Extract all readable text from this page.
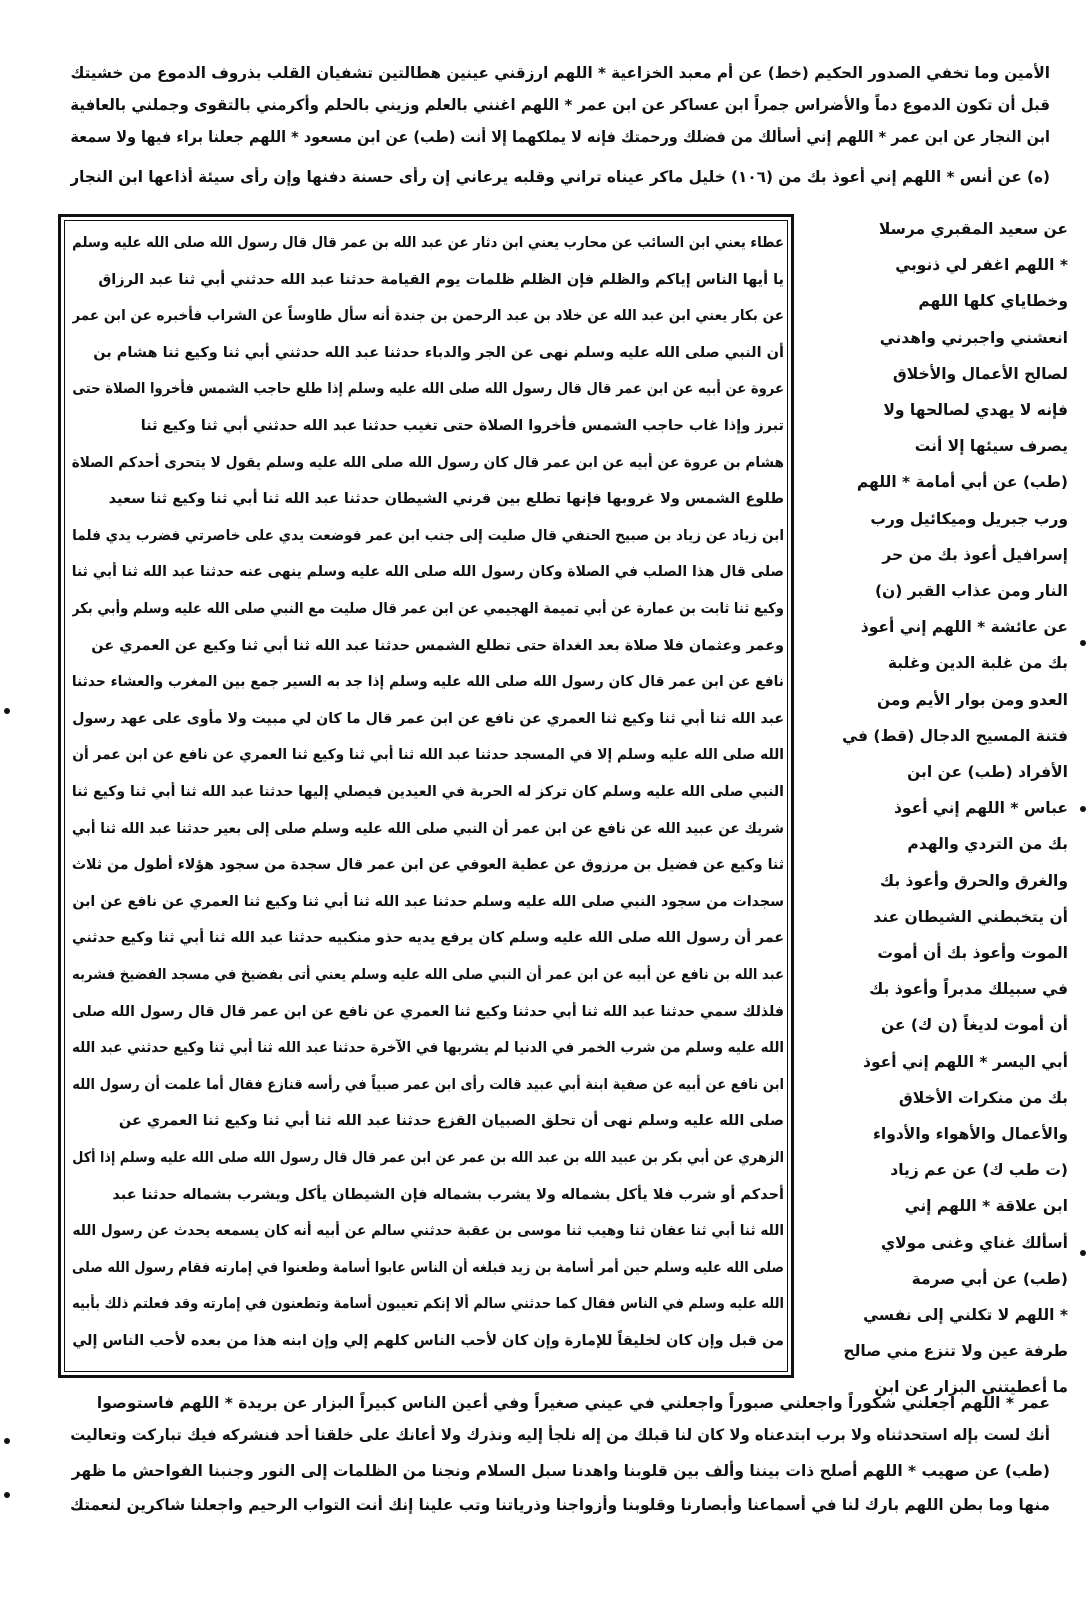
الأمين وما تخفي الصدور الحكيم (خط) عن أم معبد الخزاعية * اللهم ارزقني عينين هطالتين تشفيان القلب بذروف الدموع من خشيتك
قبل أن تكون الدموع دماً والأضراس جمراً ابن عساكر عن ابن عمر * اللهم اغنني بالعلم وزيني بالحلم وأكرمني بالتقوى وجملني بالعافية
ابن النجار عن ابن عمر * اللهم إني أسألك من فضلك ورحمتك فإنه لا يملكهما إلا أنت (طب) عن ابن مسعود * اللهم جعلنا براء فيها ولا سمعة
(ه) عن أنس * اللهم إني أعوذ بك من (١٠٦) خليل ماكر عيناه تراني وقلبه يرعاني إن رأى حسنة دفنها وإن رأى سيئة أذاعها ابن النجار
عن سعيد المقبري مرسلا
* اللهم اغفر لي ذنوبي
وخطاياي كلها اللهم
انعشني واجبرني واهدني
لصالح الأعمال والأخلاق
فإنه لا يهدي لصالحها ولا
يصرف سيئها إلا أنت
(طب) عن أبي أمامة * اللهم
ورب جبريل وميكائيل ورب
إسرافيل أعوذ بك من حر
النار ومن عذاب القبر (ن)
عن عائشة * اللهم إني أعوذ
بك من غلبة الدين وغلبة
العدو ومن بوار الأيم ومن
فتنة المسيح الدجال (قط) في
الأفراد (طب) عن ابن
عباس * اللهم إني أعوذ
بك من التردي والهدم
والغرق والحرق وأعوذ بك
أن يتخبطني الشيطان عند
الموت وأعوذ بك أن أموت
في سبيلك مدبراً وأعوذ بك
أن أموت لديغاً (ن ك) عن
أبي اليسر * اللهم إني أعوذ
بك من منكرات الأخلاق
والأعمال والأهواء والأدواء
(ت طب ك) عن عم زياد
ابن علاقة * اللهم إني
أسألك غناي وغنى مولاي
(طب) عن أبي صرمة
* اللهم لا تكلني إلى نفسي
طرفة عين ولا تنزع مني صالح
ما أعطيتني البزار عن ابن
عطاء يعني ابن السائب عن محارب يعني ابن دثار عن عبد الله بن عمر قال قال رسول الله صلى الله عليه وسلم
يا أيها الناس إياكم والظلم فإن الظلم ظلمات يوم القيامة حدثنا عبد الله حدثني أبي ثنا عبد الرزاق
عن بكار يعني ابن عبد الله عن خلاد بن عبد الرحمن بن جندة أنه سأل طاوساً عن الشراب فأخبره عن ابن عمر
أن النبي صلى الله عليه وسلم نهى عن الجر والدباء حدثنا عبد الله حدثني أبي ثنا وكيع ثنا هشام بن
عروة عن أبيه عن ابن عمر قال قال رسول الله صلى الله عليه وسلم إذا طلع حاجب الشمس فأخروا الصلاة حتى
تبرز وإذا غاب حاجب الشمس فأخروا الصلاة حتى تغيب حدثنا عبد الله حدثني أبي ثنا وكيع ثنا
هشام بن عروة عن أبيه عن ابن عمر قال كان رسول الله صلى الله عليه وسلم يقول لا يتحرى أحدكم الصلاة
طلوع الشمس ولا غروبها فإنها تطلع بين قرني الشيطان حدثنا عبد الله ثنا أبي ثنا وكيع ثنا سعيد
ابن زياد عن زياد بن صبيح الحنفي قال صليت إلى جنب ابن عمر فوضعت يدي على خاصرتي فضرب يدي فلما
صلى قال هذا الصلب في الصلاة وكان رسول الله صلى الله عليه وسلم ينهى عنه حدثنا عبد الله ثنا أبي ثنا
وكيع ثنا ثابت بن عمارة عن أبي تميمة الهجيمي عن ابن عمر قال صليت مع النبي صلى الله عليه وسلم وأبي بكر
وعمر وعثمان فلا صلاة بعد الغداة حتى تطلع الشمس حدثنا عبد الله ثنا أبي ثنا وكيع عن العمري عن
نافع عن ابن عمر قال كان رسول الله صلى الله عليه وسلم إذا جد به السير جمع بين المغرب والعشاء حدثنا
عبد الله ثنا أبي ثنا وكيع ثنا العمري عن نافع عن ابن عمر قال ما كان لي مبيت ولا مأوى على عهد رسول
الله صلى الله عليه وسلم إلا في المسجد حدثنا عبد الله ثنا أبي ثنا وكيع ثنا العمري عن نافع عن ابن عمر أن
النبي صلى الله عليه وسلم كان تركز له الحربة في العيدين فيصلي إليها حدثنا عبد الله ثنا أبي ثنا وكيع ثنا
شريك عن عبيد الله عن نافع عن ابن عمر أن النبي صلى الله عليه وسلم صلى إلى بعير حدثنا عبد الله ثنا أبي
ثنا وكيع عن فضيل بن مرزوق عن عطية العوفي عن ابن عمر قال سجدة من سجود هؤلاء أطول من ثلاث
سجدات من سجود النبي صلى الله عليه وسلم حدثنا عبد الله ثنا أبي ثنا وكيع ثنا العمري عن نافع عن ابن
عمر أن رسول الله صلى الله عليه وسلم كان يرفع يديه حذو منكبيه حدثنا عبد الله ثنا أبي ثنا وكيع حدثني
عبد الله بن نافع عن أبيه عن ابن عمر أن النبي صلى الله عليه وسلم يعني أتى بفضيخ في مسجد الفضيخ فشربه
فلذلك سمي حدثنا عبد الله ثنا أبي حدثنا وكيع ثنا العمري عن نافع عن ابن عمر قال قال رسول الله صلى
الله عليه وسلم من شرب الخمر في الدنيا لم يشربها في الآخرة حدثنا عبد الله ثنا أبي ثنا وكيع حدثني عبد الله
ابن نافع عن أبيه عن صفية ابنة أبي عبيد قالت رأى ابن عمر صبياً في رأسه قنازع فقال أما علمت أن رسول الله
صلى الله عليه وسلم نهى أن تحلق الصبيان القزع حدثنا عبد الله ثنا أبي ثنا وكيع ثنا العمري عن
الزهري عن أبي بكر بن عبيد الله بن عبد الله بن عمر عن ابن عمر قال قال رسول الله صلى الله عليه وسلم إذا أكل
أحدكم أو شرب فلا يأكل بشماله ولا يشرب بشماله فإن الشيطان يأكل ويشرب بشماله حدثنا عبد
الله ثنا أبي ثنا عفان ثنا وهيب ثنا موسى بن عقبة حدثني سالم عن أبيه أنه كان يسمعه يحدث عن رسول الله
صلى الله عليه وسلم حين أمر أسامة بن زيد فبلغه أن الناس عابوا أسامة وطعنوا في إمارته فقام رسول الله صلى
الله عليه وسلم في الناس فقال كما حدثني سالم ألا إنكم تعيبون أسامة وتطعنون في إمارته وقد فعلتم ذلك بأبيه
من قبل وإن كان لخليقاً للإمارة وإن كان لأحب الناس كلهم إلي وإن ابنه هذا من بعده لأحب الناس إلي
عمر * اللهم اجعلني شكوراً واجعلني صبوراً واجعلني في عيني صغيراً وفي أعين الناس كبيراً البزار عن بريدة * اللهم فاستوصوا
أنك لست بإله استحدثناه ولا برب ابتدعناه ولا كان لنا قبلك من إله نلجأ إليه ونذرك ولا أعانك على خلقنا أحد فنشركه فيك تباركت وتعاليت
(طب) عن صهيب * اللهم أصلح ذات بيننا وألف بين قلوبنا واهدنا سبل السلام ونجنا من الظلمات إلى النور وجنبنا الفواحش ما ظهر
منها وما بطن اللهم بارك لنا في أسماعنا وأبصارنا وقلوبنا وأزواجنا وذرياتنا وتب علينا إنك أنت التواب الرحيم واجعلنا شاكرين لنعمتك
